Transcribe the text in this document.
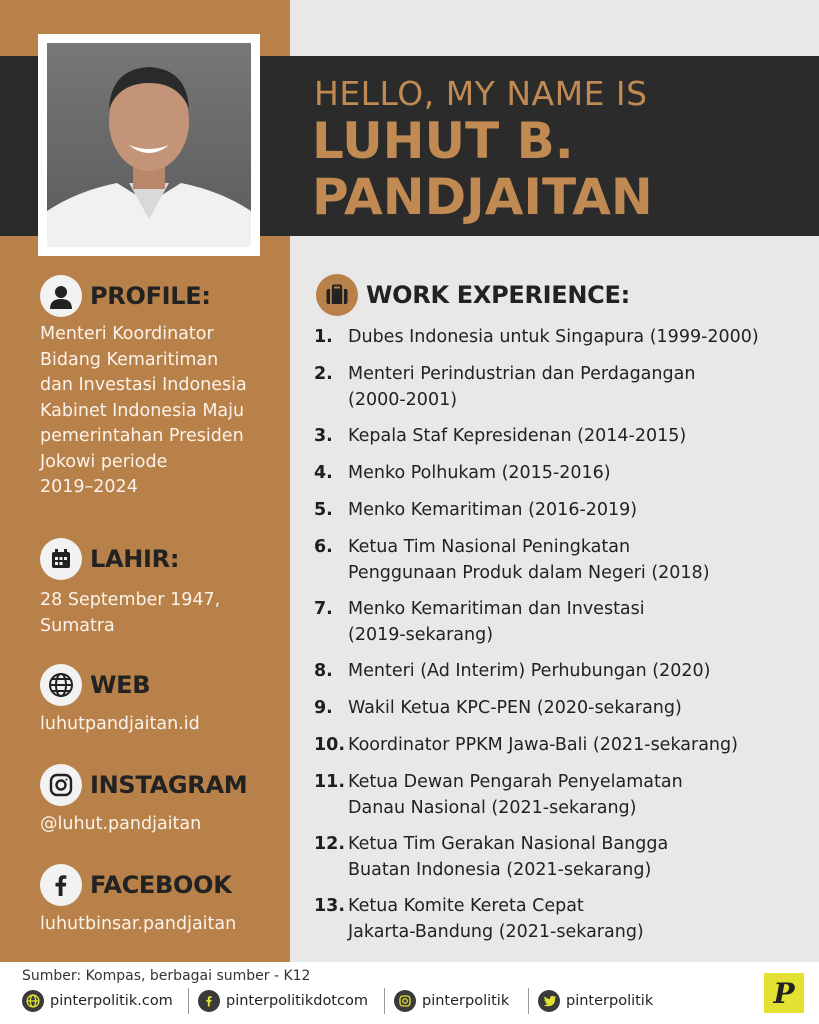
HELLO, MY NAME IS
LUHUT B.
PANDJAITAN
PROFILE:
Menteri Koordinator
Bidang Kemaritiman
dan Investasi Indonesia
Kabinet Indonesia Maju
pemerintahan Presiden
Jokowi periode
2019–2024
LAHIR:
28 September 1947,
Sumatra
WEB
luhutpandjaitan.id
INSTAGRAM
@luhut.pandjaitan
FACEBOOK
luhutbinsar.pandjaitan
WORK EXPERIENCE:
1. Dubes Indonesia untuk Singapura (1999-2000)
2. Menteri Perindustrian dan Perdagangan
(2000-2001)
3. Kepala Staf Kepresidenan (2014-2015)
4. Menko Polhukam (2015-2016)
5. Menko Kemaritiman (2016-2019)
6. Ketua Tim Nasional Peningkatan
Penggunaan Produk dalam Negeri (2018)
7. Menko Kemaritiman dan Investasi
(2019-sekarang)
8. Menteri (Ad Interim) Perhubungan (2020)
9. Wakil Ketua KPC-PEN (2020-sekarang)
10. Koordinator PPKM Jawa-Bali (2021-sekarang)
11. Ketua Dewan Pengarah Penyelamatan
Danau Nasional (2021-sekarang)
12. Ketua Tim Gerakan Nasional Bangga
Buatan Indonesia (2021-sekarang)
13. Ketua Komite Kereta Cepat
Jakarta-Bandung (2021-sekarang)
Sumber: Kompas, berbagai sumber - K12
pinterpolitik.com	pinterpolitikdotcom	pinterpolitik	pinterpolitik	P
